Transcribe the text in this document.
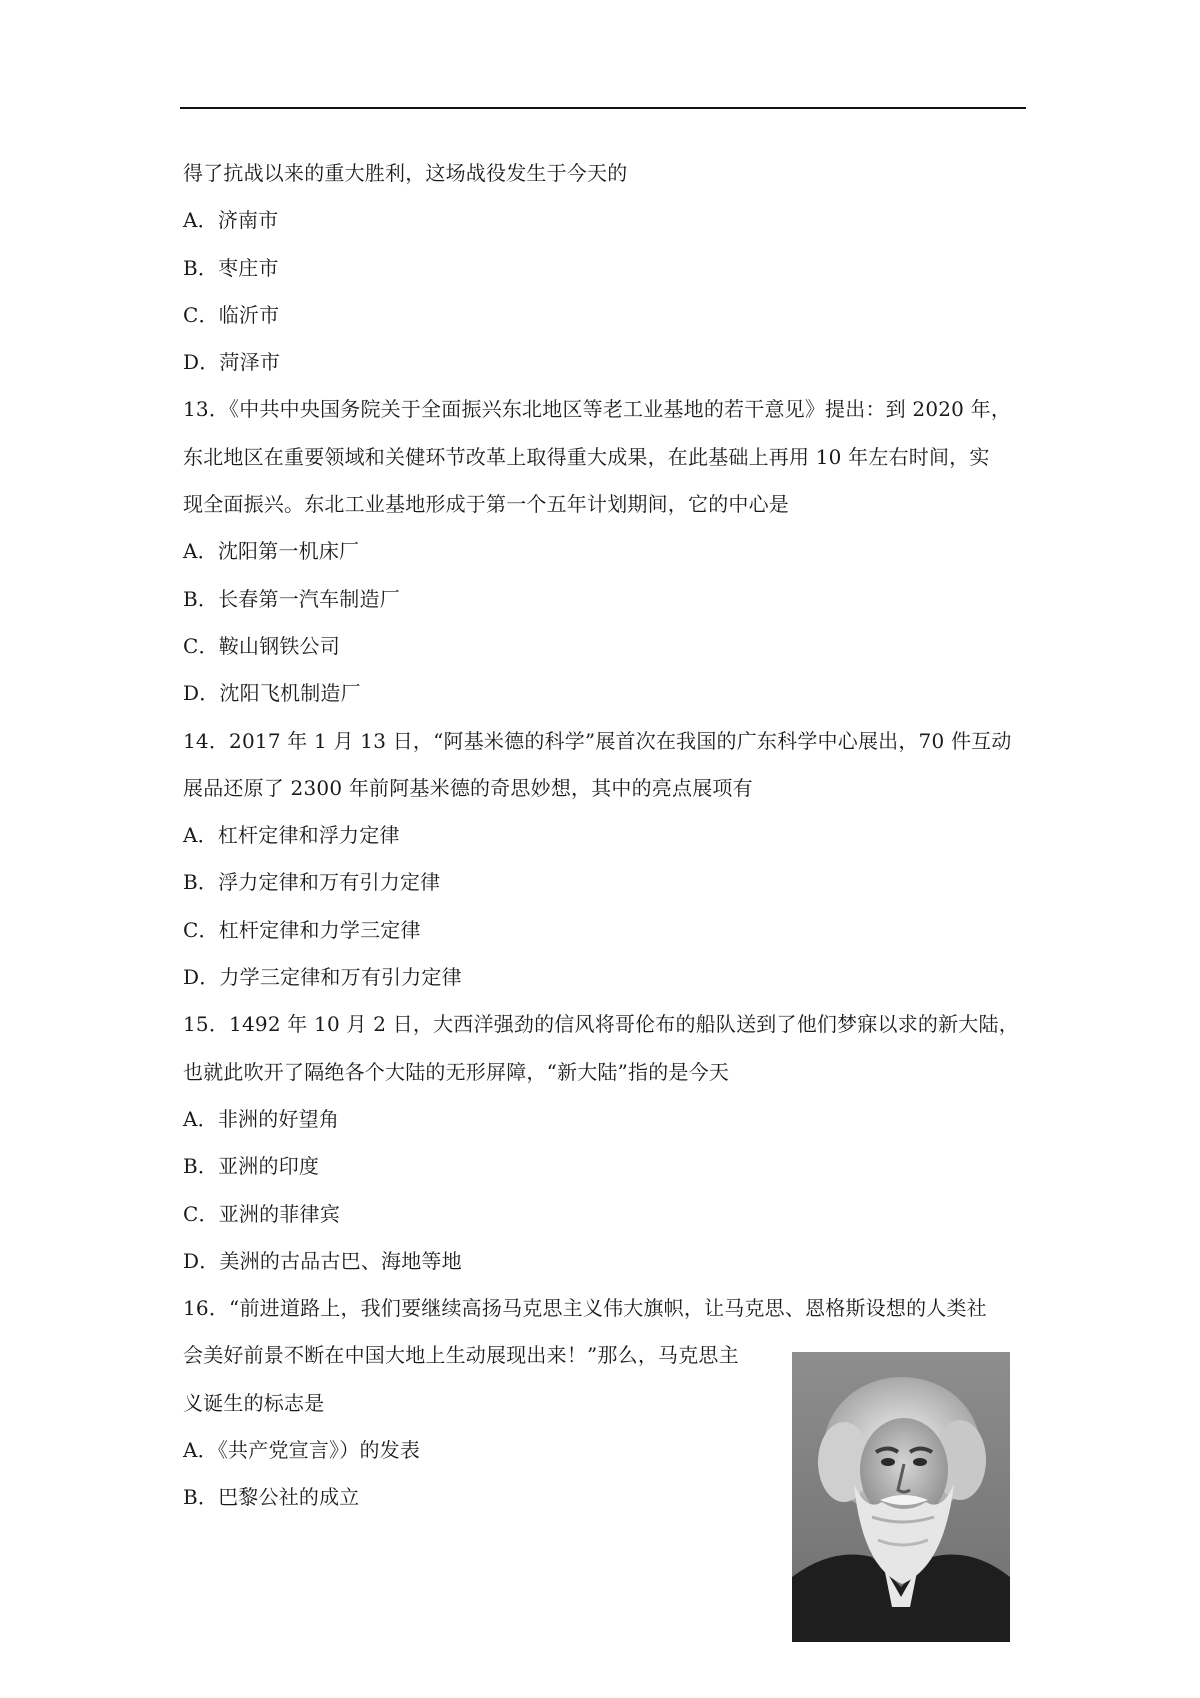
得了抗战以来的重大胜利，这场战役发生于今天的
A．济南市
B．枣庄市
C．临沂市
D．菏泽市
13．《中共中央国务院关于全面振兴东北地区等老工业基地的若干意见》提出：到 2020 年，
东北地区在重要领域和关健环节改革上取得重大成果，在此基础上再用 10 年左右时间，实
现全面振兴。东北工业基地形成于第一个五年计划期间，它的中心是
A．沈阳第一机床厂
B．长春第一汽车制造厂
C．鞍山钢铁公司
D．沈阳飞机制造厂
14．2017 年 1 月 13 日，“阿基米德的科学”展首次在我国的广东科学中心展出，70 件互动
展品还原了 2300 年前阿基米德的奇思妙想，其中的亮点展项有
A．杠杆定律和浮力定律
B．浮力定律和万有引力定律
C．杠杆定律和力学三定律
D．力学三定律和万有引力定律
15．1492 年 10 月 2 日，大西洋强劲的信风将哥伦布的船队送到了他们梦寐以求的新大陆，
也就此吹开了隔绝各个大陆的无形屏障，“新大陆”指的是今天
A．非洲的好望角
B．亚洲的印度
C．亚洲的菲律宾
D．美洲的古品古巴、海地等地
16．“前进道路上，我们要继续高扬马克思主义伟大旗帜，让马克思、恩格斯设想的人类社
会美好前景不断在中国大地上生动展现出来！”那么，马克思主
义诞生的标志是
A．《共产党宣言》）的发表
B．巴黎公社的成立
